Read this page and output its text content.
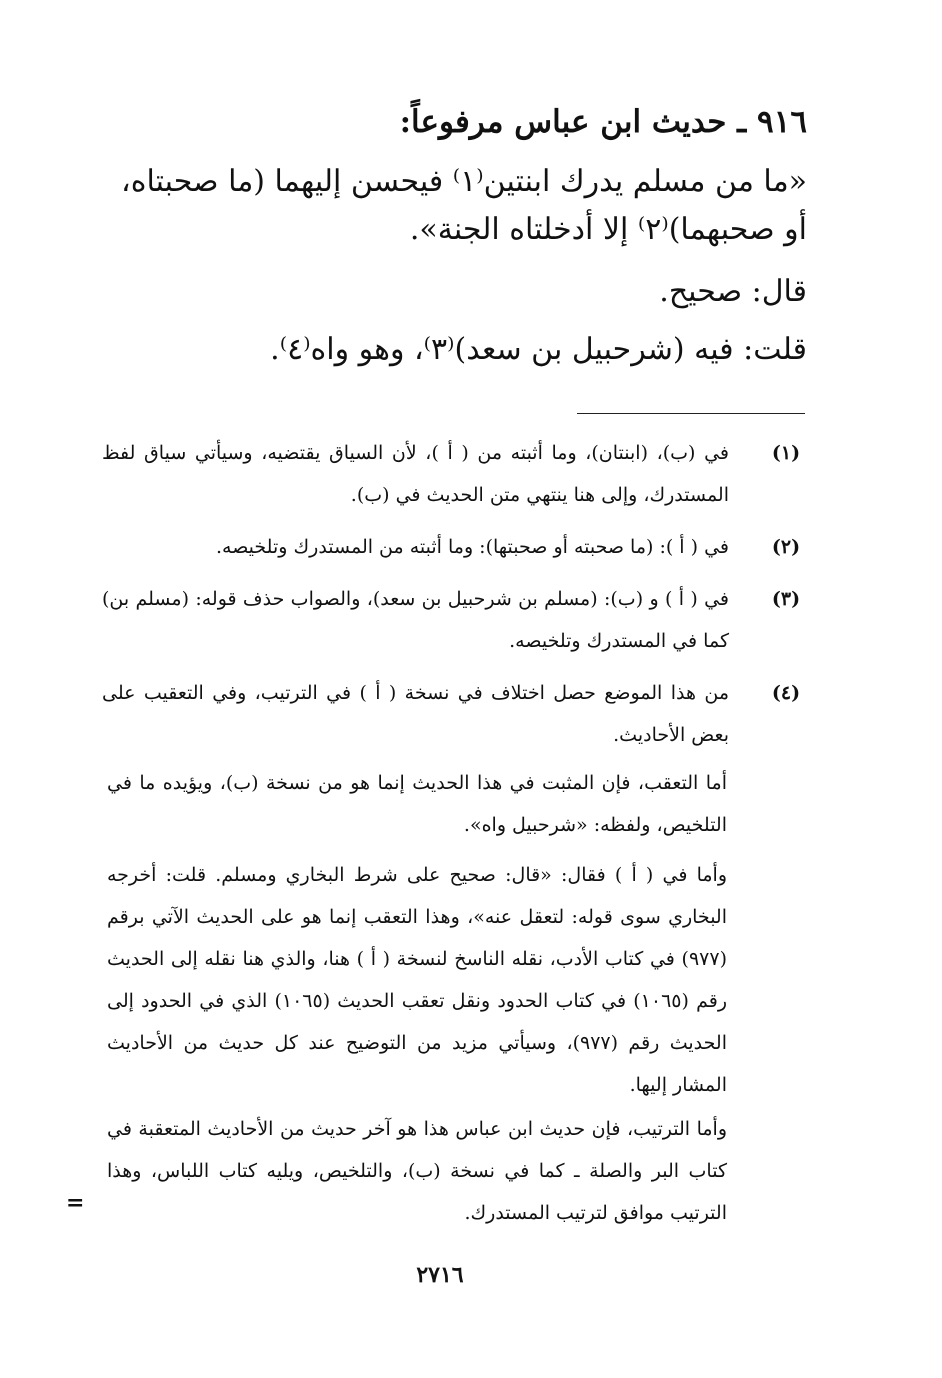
٩١٦ ـ حديث ابن عباس مرفوعاً:
«ما من مسلم يدرك ابنتين⁽١⁾ فيحسن إليهما (ما صحبتاه،
أو صحبهما)⁽٢⁾ إلا أدخلتاه الجنة».
قال: صحيح.
قلت: فيه (شرحبيل بن سعد)⁽٣⁾، وهو واه⁽٤⁾.
(١)
في (ب)، (ابنتان)، وما أثبته من ( أ )، لأن السياق يقتضيه، وسيأتي سياق لفظ المستدرك، وإلى هنا ينتهي متن الحديث في (ب).
(٢)
في ( أ ): (ما صحبته أو صحبتها): وما أثبته من المستدرك وتلخيصه.
(٣)
في ( أ ) و (ب): (مسلم بن شرحبيل بن سعد)، والصواب حذف قوله: (مسلم بن) كما في المستدرك وتلخيصه.
(٤)
من هذا الموضع حصل اختلاف في نسخة ( أ ) في الترتيب، وفي التعقيب على بعض الأحاديث.
أما التعقب، فإن المثبت في هذا الحديث إنما هو من نسخة (ب)، ويؤيده ما في التلخيص، ولفظه: «شرحبيل واه».
وأما في ( أ ) فقال: «قال: صحيح على شرط البخاري ومسلم. قلت: أخرجه البخاري سوى قوله: لتعقل عنه»، وهذا التعقب إنما هو على الحديث الآتي برقم (٩٧٧) في كتاب الأدب، نقله الناسخ لنسخة ( أ ) هنا، والذي هنا نقله إلى الحديث رقم (١٠٦٥) في كتاب الحدود ونقل تعقب الحديث (١٠٦٥) الذي في الحدود إلى الحديث رقم (٩٧٧)، وسيأتي مزيد من التوضيح عند كل حديث من الأحاديث المشار إليها.
وأما الترتيب، فإن حديث ابن عباس هذا هو آخر حديث من الأحاديث المتعقبة في كتاب البر والصلة ـ كما في نسخة (ب)، والتلخيص، ويليه كتاب اللباس، وهذا الترتيب موافق لترتيب المستدرك.
=
٢٧١٦
